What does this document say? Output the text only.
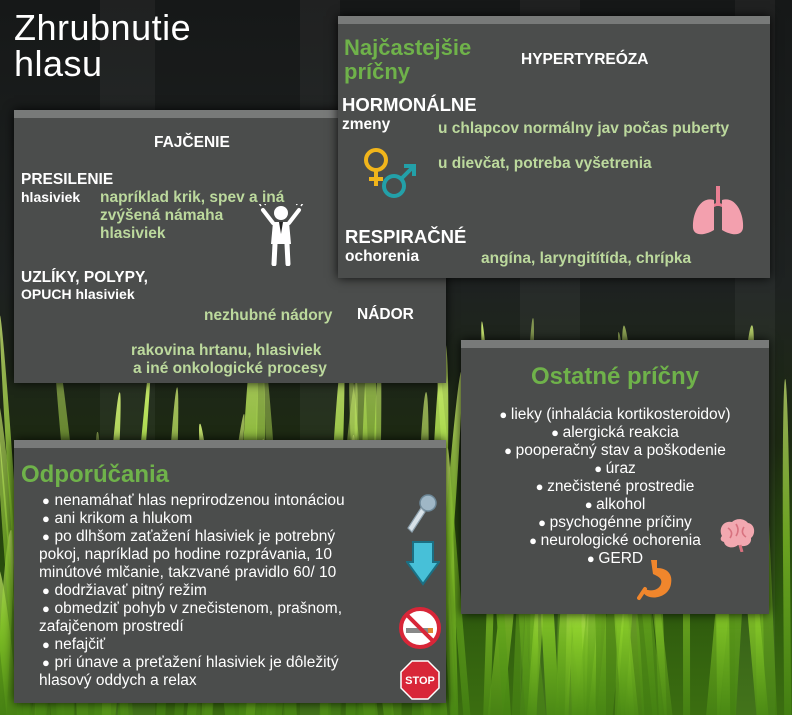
Zhrubnutie
hlasu
FAJČENIE
PRESILENIE
hlasiviek napríklad krik, spev a iná
zvýšená námaha
hlasiviek
UZLÍKY, POLYPY,
OPUCH hlasiviek
nezhubné nádory NÁDOR
rakovina hrtanu, hlasiviek
a iné onkologické procesy
Najčastejšie
príčny	HYPERTYREÓZA
HORMONÁLNE
zmeny	u chlapcov normálny jav počas puberty
u dievčat, potreba vyšetrenia
RESPIRAČNÉ
ochorenia	angína, laryngitítída, chrípka
Ostatné príčny
● lieky (inhalácia kortikosteroidov)
● alergická reakcia
● pooperačný stav a poškodenie
● úraz
● znečistené prostredie
● alkohol
● psychogénne príčiny
● neurologické ochorenia
● GERD
Odporúčania
● nenamáhať hlas neprirodzenou intonáciou
● ani krikom a hlukom
● po dlhšom zaťažení hlasiviek je potrebný
pokoj, napríklad po hodine rozprávania, 10
minútové mlčanie, takzvané pravidlo 60/ 10
● dodržiavať pitný režim
● obmedziť pohyb v znečistenom, prašnom,
zafajčenom prostredí
● nefajčiť
● pri únave a preťažení hlasiviek je dôležitý
hlasový oddych a relax	STOP
